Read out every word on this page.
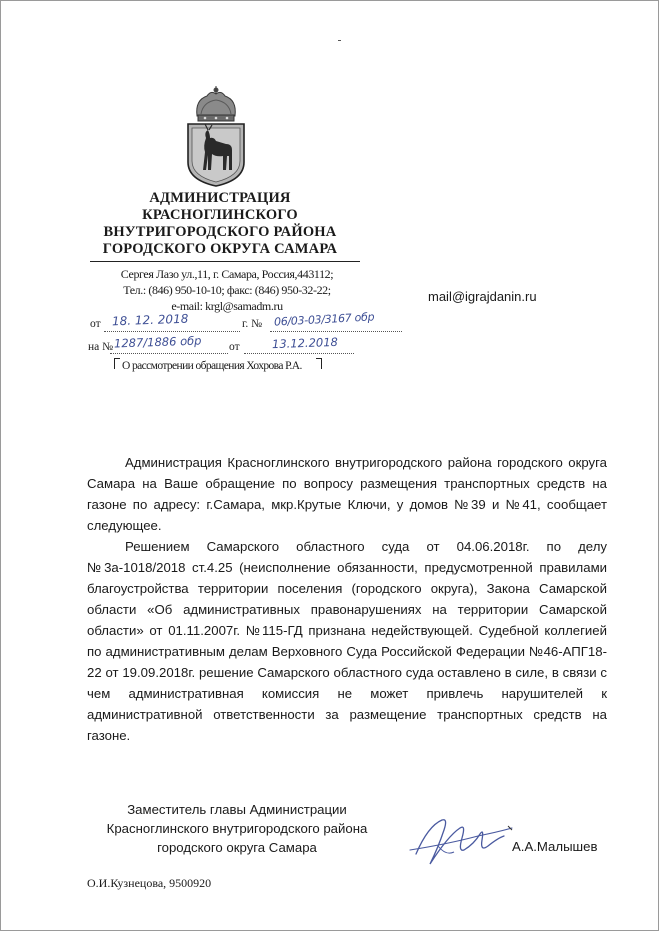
АДМИНИСТРАЦИЯ
КРАСНОГЛИНСКОГО
ВНУТРИГОРОДСКОГО РАЙОНА
ГОРОДСКОГО ОКРУГА САМАРА
Сергея Лазо ул.,11, г. Самара, Россия,443112;
Тел.: (846) 950-10-10; факс: (846) 950-32-22;
e-mail: krgl@samadm.ru
mail@igrajdanin.ru
от 18. 12. 2018	г. № 06/03-03/3167 обр
на № 1287/1886 обр от	13.12.2018
О рассмотрении обращения Хохрова Р.А.

Администрация Красноглинского внутригородского района городского округа Самара на Ваше обращение по вопросу размещения транспортных средств на газоне по адресу: г.Самара, мкр.Крутые Ключи, у домов №39 и №41, сообщает следующее.

Решением Самарского областного суда от 04.06.2018г. по делу №3а-1018/2018 ст.4.25 (неисполнение обязанности, предусмотренной правилами благоустройства территории поселения (городского округа), Закона Самарской области «Об административных правонарушениях на территории Самарской области» от 01.11.2007г. №115-ГД признана недействующей. Судебной коллегией по административным делам Верховного Суда Российской Федерации №46-АПГ18-22 от 19.09.2018г. решение Самарского областного суда оставлено в силе, в связи с чем административная комиссия не может привлечь нарушителей к административной ответственности за размещение транспортных средств на газоне.

Заместитель главы Администрации
Красноглинского внутригородского района
городского округа Самара	А.А.Малышев
О.И.Кузнецова, 9500920
